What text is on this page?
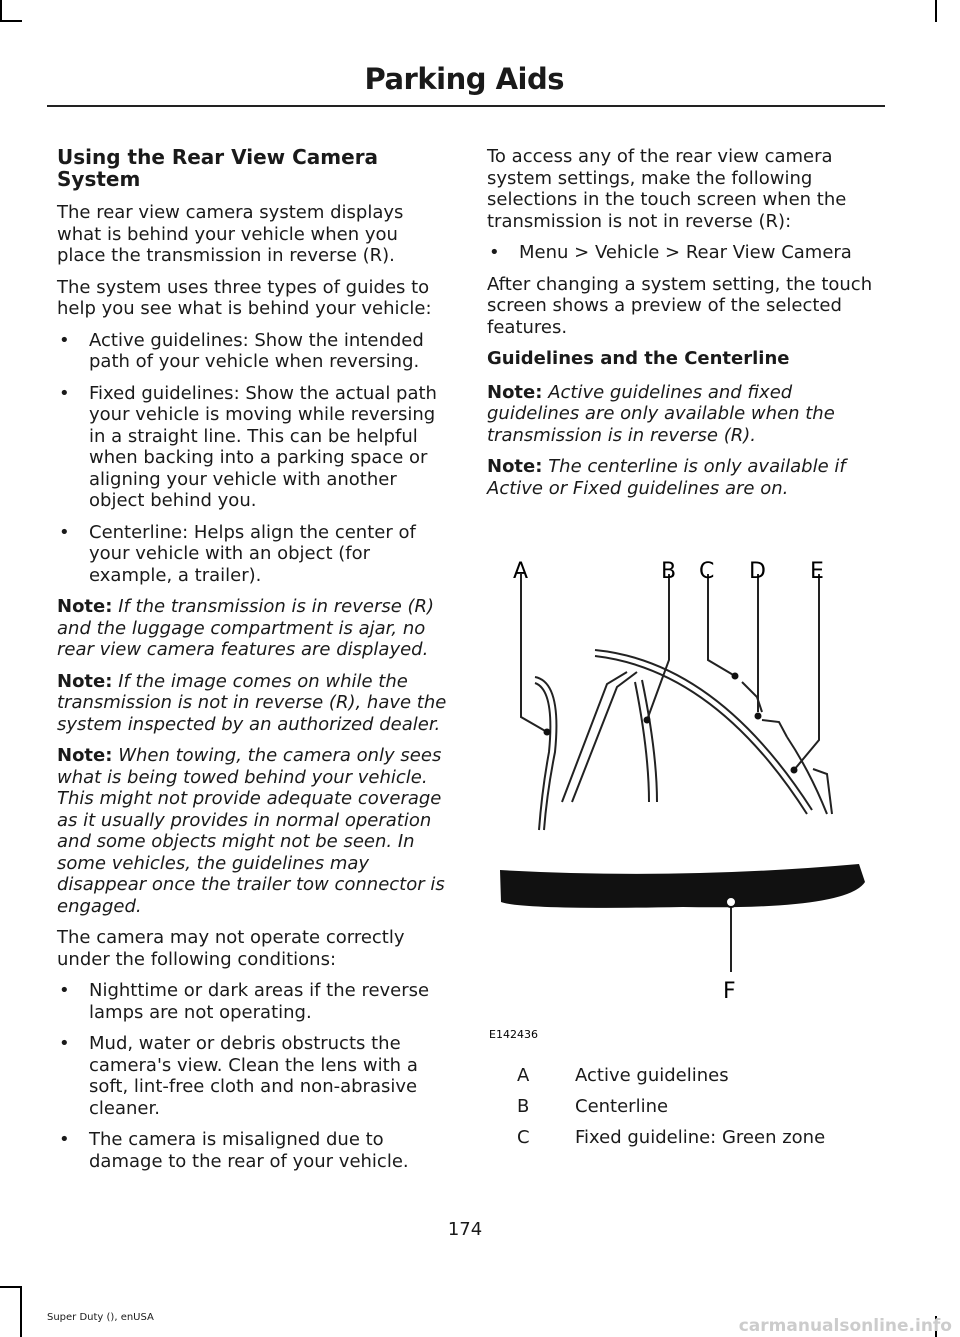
Parking Aids
Using the Rear View Camera System

The rear view camera system displays what is behind your vehicle when you place the transmission in reverse (R).

The system uses three types of guides to help you see what is behind your vehicle:

• Active guidelines: Show the intended path of your vehicle when reversing.
• Fixed guidelines: Show the actual path your vehicle is moving while reversing in a straight line. This can be helpful when backing into a parking space or aligning your vehicle with another object behind you.
• Centerline: Helps align the center of your vehicle with an object (for example, a trailer).

Note: If the transmission is in reverse (R) and the luggage compartment is ajar, no rear view camera features are displayed.

Note: If the image comes on while the transmission is not in reverse (R), have the system inspected by an authorized dealer.

Note: When towing, the camera only sees what is being towed behind your vehicle. This might not provide adequate coverage as it usually provides in normal operation and some objects might not be seen. In some vehicles, the guidelines may disappear once the trailer tow connector is engaged.

The camera may not operate correctly under the following conditions:

• Nighttime or dark areas if the reverse lamps are not operating.
• Mud, water or debris obstructs the camera's view. Clean the lens with a soft, lint-free cloth and non-abrasive cleaner.
• The camera is misaligned due to damage to the rear of your vehicle.

To access any of the rear view camera system settings, make the following selections in the touch screen when the transmission is not in reverse (R):

• Menu > Vehicle > Rear View Camera

After changing a system setting, the touch screen shows a preview of the selected features.

Guidelines and the Centerline

Note: Active guidelines and fixed guidelines are only available when the transmission is in reverse (R).

Note: The centerline is only available if Active or Fixed guidelines are on.

A	B C D E
F
E142436
A	Active guidelines
B	Centerline
C	Fixed guideline: Green zone
174
Super Duty (), enUSA	carmanualsonline.info
